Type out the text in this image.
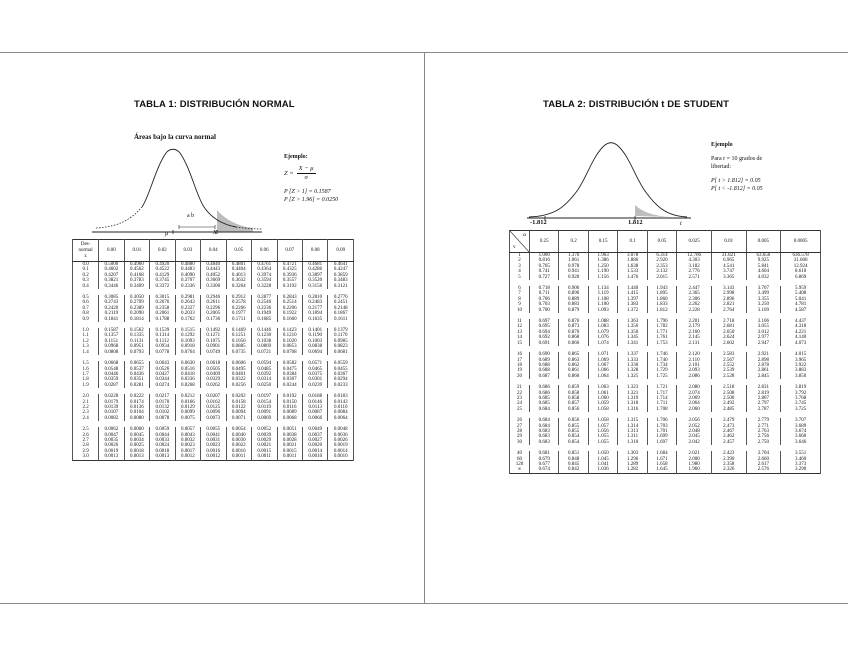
TABLA 1: DISTRIBUCIÓN NORMAL
Áreas bajo la curva normal
a b
μ	X
Ejemplo:
$Z = \frac{X - \mu}{\sigma}$
P [Z > 1] = 0.1587
P [Z > 1.96] = 0.0250
Des-
normal
z	0.00	0.01	0.02	0.03	0.04	0.05	0.06	0.07	0.08	0.09
0.0	0.5000	0.4960	0.4920	0.4880	0.4840	0.4801	0.4761	0.4721	0.4681	0.4641
0.1	0.4602	0.4562	0.4522	0.4483	0.4443	0.4404	0.4364	0.4325	0.4286	0.4247
0.2	0.4207	0.4168	0.4129	0.4090	0.4052	0.4013	0.3974	0.3936	0.3897	0.3859
0.3	0.3821	0.3783	0.3745	0.3707	0.3669	0.3632	0.3594	0.3557	0.3520	0.3483
0.4	0.3446	0.3409	0.3372	0.3336	0.3300	0.3264	0.3228	0.3192	0.3156	0.3121

0.5	0.3085	0.3050	0.3015	0.2981	0.2946	0.2912	0.2877	0.2843	0.2810	0.2776
0.6	0.2743	0.2709	0.2676	0.2643	0.2611	0.2578	0.2546	0.2514	0.2483	0.2451
0.7	0.2420	0.2389	0.2358	0.2327	0.2296	0.2266	0.2236	0.2206	0.2177	0.2148
0.8	0.2119	0.2090	0.2061	0.2033	0.2005	0.1977	0.1949	0.1922	0.1894	0.1867
0.9	0.1841	0.1814	0.1788	0.1762	0.1736	0.1711	0.1685	0.1660	0.1635	0.1611

1.0	0.1587	0.1562	0.1539	0.1515	0.1492	0.1469	0.1446	0.1423	0.1401	0.1379
1.1	0.1357	0.1335	0.1314	0.1292	0.1271	0.1251	0.1230	0.1210	0.1190	0.1170
1.2	0.1151	0.1131	0.1112	0.1093	0.1075	0.1056	0.1038	0.1020	0.1003	0.0985
1.3	0.0968	0.0951	0.0934	0.0918	0.0901	0.0885	0.0869	0.0853	0.0838	0.0823
1.4	0.0808	0.0793	0.0778	0.0764	0.0749	0.0735	0.0721	0.0708	0.0694	0.0681

1.5	0.0668	0.0655	0.0643	0.0630	0.0618	0.0606	0.0594	0.0582	0.0571	0.0559
1.6	0.0548	0.0537	0.0526	0.0516	0.0505	0.0495	0.0485	0.0475	0.0465	0.0455
1.7	0.0446	0.0436	0.0427	0.0418	0.0409	0.0401	0.0392	0.0384	0.0375	0.0367
1.8	0.0359	0.0351	0.0344	0.0336	0.0329	0.0322	0.0314	0.0307	0.0301	0.0294
1.9	0.0287	0.0281	0.0274	0.0268	0.0262	0.0256	0.0250	0.0244	0.0239	0.0233

2.0	0.0228	0.0222	0.0217	0.0212	0.0207	0.0202	0.0197	0.0192	0.0188	0.0183
2.1	0.0179	0.0174	0.0170	0.0166	0.0162	0.0158	0.0154	0.0150	0.0146	0.0143
2.2	0.0139	0.0136	0.0132	0.0129	0.0125	0.0122	0.0119	0.0116	0.0113	0.0110
2.3	0.0107	0.0104	0.0102	0.0099	0.0096	0.0094	0.0091	0.0089	0.0087	0.0084
2.4	0.0082	0.0080	0.0078	0.0075	0.0073	0.0071	0.0069	0.0068	0.0066	0.0064

2.5	0.0062	0.0060	0.0059	0.0057	0.0055	0.0054	0.0052	0.0051	0.0049	0.0048
2.6	0.0047	0.0045	0.0044	0.0043	0.0041	0.0040	0.0039	0.0038	0.0037	0.0036
2.7	0.0035	0.0034	0.0033	0.0032	0.0031	0.0030	0.0029	0.0028	0.0027	0.0026
2.8	0.0026	0.0025	0.0024	0.0023	0.0023	0.0022	0.0021	0.0021	0.0020	0.0019
2.9	0.0019	0.0018	0.0018	0.0017	0.0016	0.0016	0.0015	0.0015	0.0014	0.0014
3.0	0.0013	0.0013	0.0013	0.0012	0.0012	0.0011	0.0011	0.0011	0.0010	0.0010
TABLA 2: DISTRIBUCIÓN t DE STUDENT
-1.812	1.812	t
Ejemplo
Para r = 10 grados de
libertad:
P[ t > 1.812] = 0.05
P[ t < -1.812] = 0.05
α
ν	0.25	0.2	0.15	0.1	0.05	0.025	0.01	0.005	0.0005
1	1.000	1.376	1.963	3.078	6.314	12.706	31.821	63.656	636.578
2	0.816	1.061	1.386	1.886	2.920	4.303	6.965	9.925	31.600
3	0.765	0.978	1.250	1.638	2.353	3.182	4.541	5.841	12.924
4	0.741	0.941	1.190	1.533	2.132	2.776	3.747	4.604	8.610
5	0.727	0.920	1.156	1.476	2.015	2.571	3.365	4.032	6.869

6	0.718	0.906	1.134	1.440	1.943	2.447	3.143	3.707	5.959
7	0.711	0.896	1.119	1.415	1.895	2.365	2.998	3.499	5.408
8	0.706	0.889	1.108	1.397	1.860	2.306	2.896	3.355	5.041
9	0.703	0.883	1.100	1.383	1.833	2.262	2.821	3.250	4.781
10	0.700	0.879	1.093	1.372	1.812	2.228	2.764	3.169	4.587

11	0.697	0.876	1.088	1.363	1.796	2.201	2.718	3.106	4.437
12	0.695	0.873	1.083	1.356	1.782	2.179	2.681	3.055	4.318
13	0.694	0.870	1.079	1.350	1.771	2.160	2.650	3.012	4.221
14	0.692	0.868	1.076	1.345	1.761	2.145	2.624	2.977	4.140
15	0.691	0.866	1.074	1.341	1.753	2.131	2.602	2.947	4.073

16	0.690	0.865	1.071	1.337	1.746	2.120	2.583	2.921	4.015
17	0.689	0.863	1.069	1.333	1.740	2.110	2.567	2.898	3.965
18	0.688	0.862	1.067	1.330	1.734	2.101	2.552	2.878	3.922
19	0.688	0.861	1.066	1.328	1.729	2.093	2.539	2.861	3.883
20	0.687	0.860	1.064	1.325	1.725	2.086	2.528	2.845	3.850

21	0.686	0.859	1.063	1.323	1.721	2.080	2.518	2.831	3.819
22	0.686	0.858	1.061	1.321	1.717	2.074	2.508	2.819	3.792
23	0.685	0.858	1.060	1.319	1.714	2.069	2.500	2.807	3.768
24	0.685	0.857	1.059	1.318	1.711	2.064	2.492	2.797	3.745
25	0.684	0.856	1.058	1.316	1.708	2.060	2.485	2.787	3.725

26	0.684	0.856	1.058	1.315	1.706	2.056	2.479	2.779	3.707
27	0.684	0.855	1.057	1.314	1.703	2.052	2.473	2.771	3.689
28	0.683	0.855	1.056	1.313	1.701	2.048	2.467	2.763	3.674
29	0.683	0.854	1.055	1.311	1.699	2.045	2.462	2.756	3.660
30	0.683	0.854	1.055	1.310	1.697	2.042	2.457	2.750	3.646

40	0.681	0.851	1.050	1.303	1.684	2.021	2.423	2.704	3.551
60	0.679	0.848	1.045	1.296	1.671	2.000	2.390	2.660	3.460
120	0.677	0.845	1.041	1.289	1.658	1.980	2.358	2.617	3.373
∞	0.674	0.842	1.036	1.282	1.645	1.960	2.326	2.576	3.290
